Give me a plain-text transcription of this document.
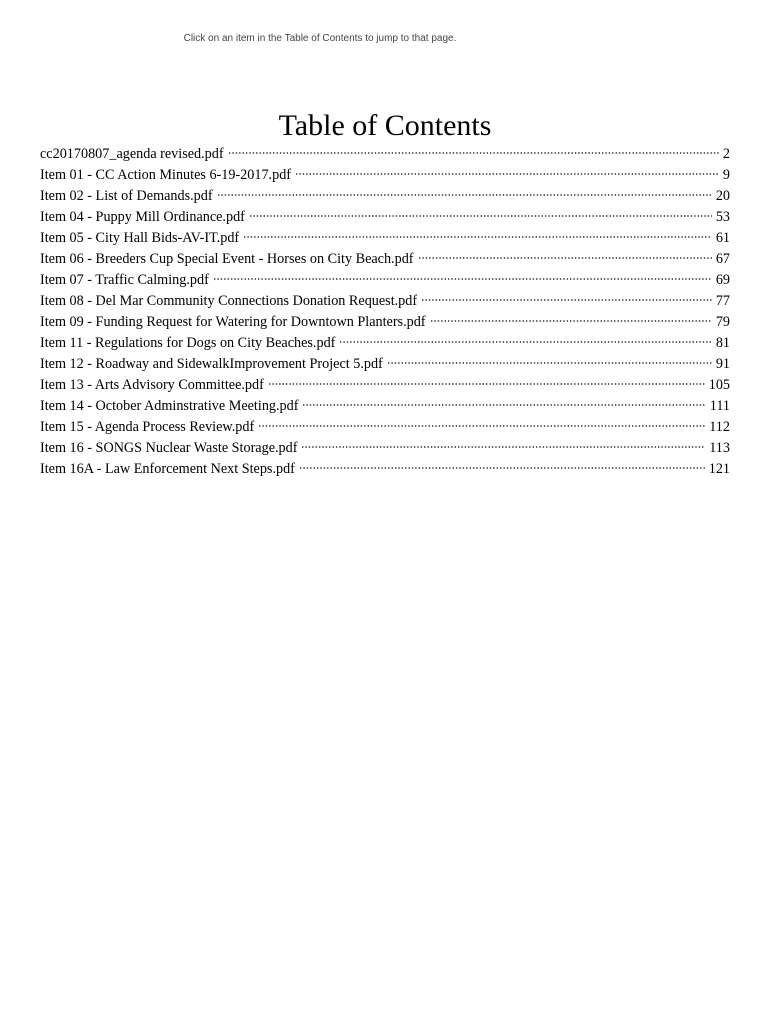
Click on an item in the Table of Contents to jump to that page.
Table of Contents
cc20170807_agenda revised.pdf	2
Item 01 - CC Action Minutes 6-19-2017.pdf	9
Item 02 - List of Demands.pdf	20
Item 04 - Puppy Mill Ordinance.pdf	53
Item 05 - City Hall Bids-AV-IT.pdf	61
Item 06 - Breeders Cup Special Event - Horses on City Beach.pdf	67
Item 07 - Traffic Calming.pdf	69
Item 08 - Del Mar Community Connections Donation Request.pdf	77
Item 09 - Funding Request for Watering for Downtown Planters.pdf	79
Item 11 - Regulations for Dogs on City Beaches.pdf	81
Item 12 - Roadway and SidewalkImprovement Project 5.pdf	91
Item 13 - Arts Advisory Committee.pdf	105
Item 14 - October Adminstrative Meeting.pdf	111
Item 15 - Agenda Process Review.pdf	112
Item 16 - SONGS Nuclear Waste Storage.pdf	113
Item 16A - Law Enforcement Next Steps.pdf	121
